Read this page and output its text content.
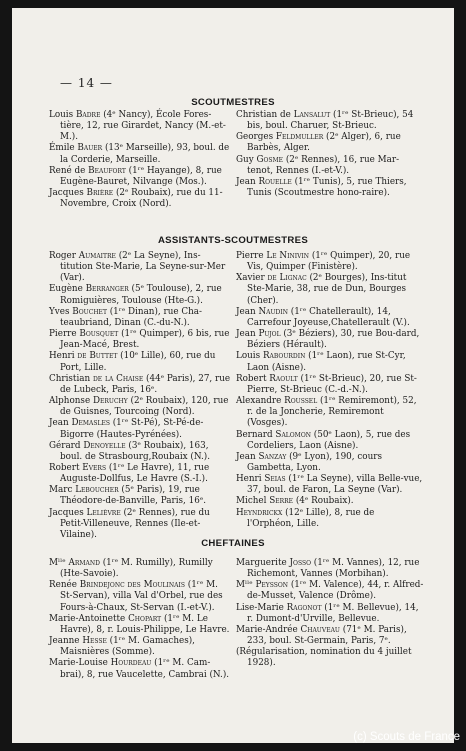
— 14 —
SCOUTMESTRES

Louis Badre (4ᵉ Nancy), École Fores-tière, 12, rue Girardet, Nancy (M.-et-M.).

Émile Bauer (13ᵉ Marseille), 93, boul. de la Corderie, Marseille.

René de Beaufort (1ʳᵉ Hayange), 8, rue Eugène-Bauret, Nilvange (Mos.).

Jacques Brière (2ᵉ Roubaix), rue du 11-Novembre, Croix (Nord).

Christian de Lansalut (1ʳᵉ St-Brieuc), 54 bis, boul. Charuer, St-Brieuc.

Georges Feldmuller (2ᵉ Alger), 6, rue Barbès, Alger.

Guy Gosme (2ᵉ Rennes), 16, rue Mar-tenot, Rennes (I.-et-V.).

Jean Rouelle (1ʳᵉ Tunis), 5, rue Thiers, Tunis (Scoutmestre hono-raire).

ASSISTANTS-SCOUTMESTRES

Roger Aumaitre (2ᵉ La Seyne), Ins-titution Ste-Marie, La Seyne-sur-Mer (Var).

Eugène Berranger (5ᵉ Toulouse), 2, rue Romiguières, Toulouse (Hte-G.).

Yves Bouchet (1ʳᵉ Dinan), rue Cha-teaubriand, Dinan (C.-du-N.).

Pierre Bousquet (1ʳᵉ Quimper), 6 bis, rue Jean-Macé, Brest.

Henri de Buttet (10ᵉ Lille), 60, rue du Port, Lille.

Christian de la Chaise (44ᵉ Paris), 27, rue de Lubeck, Paris, 16ᵉ.

Alphonse Deruchy (2ᵉ Roubaix), 120, rue de Guisnes, Tourcoing (Nord).

Jean Demasles (1ʳᵉ St-Pé), St-Pé-de-Bigorre (Hautes-Pyrénées).

Gérard Denoyelle (3ᵉ Roubaix), 163, boul. de Strasbourg,Roubaix (N.).

Robert Evers (1ʳᵉ Le Havre), 11, rue Auguste-Dollfus, Le Havre (S.-I.).

Marc Leboucher (5ᵉ Paris), 19, rue Théodore-de-Banville, Paris, 16ᵉ.

Jacques Lelièvre (2ᵉ Rennes), rue du Petit-Villeneuve, Rennes (Ile-et-Vilaine).

Pierre Le Ninivin (1ʳᵉ Quimper), 20, rue Vis, Quimper (Finistère).

Xavier de Lignac (2ᵉ Bourges), Ins-titut Ste-Marie, 38, rue de Dun, Bourges (Cher).

Jean Naudin (1ʳᵉ Chatellerault), 14, Carrefour Joyeuse,Chatellerault (V.).

Jean Pujol (3ᵉ Béziers), 30, rue Bou-dard, Béziers (Hérault).

Louis Rabourdin (1ʳᵉ Laon), rue St-Cyr, Laon (Aisne).

Robert Raoult (1ʳᵉ St-Brieuc), 20, rue St-Pierre, St-Brieuc (C.-d.-N.).

Alexandre Roussel (1ʳᵉ Remiremont), 52, r. de la Joncherie, Remiremont (Vosges).

Bernard Salomon (50ᵉ Laon), 5, rue des Cordeliers, Laon (Aisne).

Jean Sanzay (9ᵉ Lyon), 190, cours Gambetta, Lyon.

Henri Seias (1ʳᵉ La Seyne), villa Belle-vue, 37, boul. de Faron, La Seyne (Var).

Michel Serre (4ᵉ Roubaix).

Heyndrickx (12ᵉ Lille), 8, rue de l'Orphéon, Lille.

CHEFTAINES

Mˡˡᵉ Armand (1ʳᵉ M. Rumilly), Rumilly (Hte-Savoie).

Renée Brindejonc des Moulinais (1ʳᵉ M. St-Servan), villa Val d'Orbel, rue des Fours-à-Chaux, St-Servan (I.-et-V.).

Marie-Antoinette Chopart (1ʳᵉ M. Le Havre), 8, r. Louis-Philippe, Le Havre.

Jeanne Hesse (1ʳᵉ M. Gamaches), Maisnières (Somme).

Marie-Louise Hourdeau (1ʳᵉ M. Cam-brai), 8, rue Vaucelette, Cambrai (N.).

Marguerite Josso (1ʳᵉ M. Vannes), 12, rue Richemont, Vannes (Morbihan).

Mˡˡᵉ Peysson (1ʳᵉ M. Valence), 44, r. Alfred-de-Musset, Valence (Drôme).

Lise-Marie Ragonot (1ʳᵉ M. Bellevue), 14, r. Dumont-d'Urville, Bellevue.

Marie-Andrée Chauveau (71ᵉ M. Paris), 233, boul. St-Germain, Paris, 7ᵉ.

(Régularisation, nomination du 4 juillet 1928).

(c) Scouts de France
